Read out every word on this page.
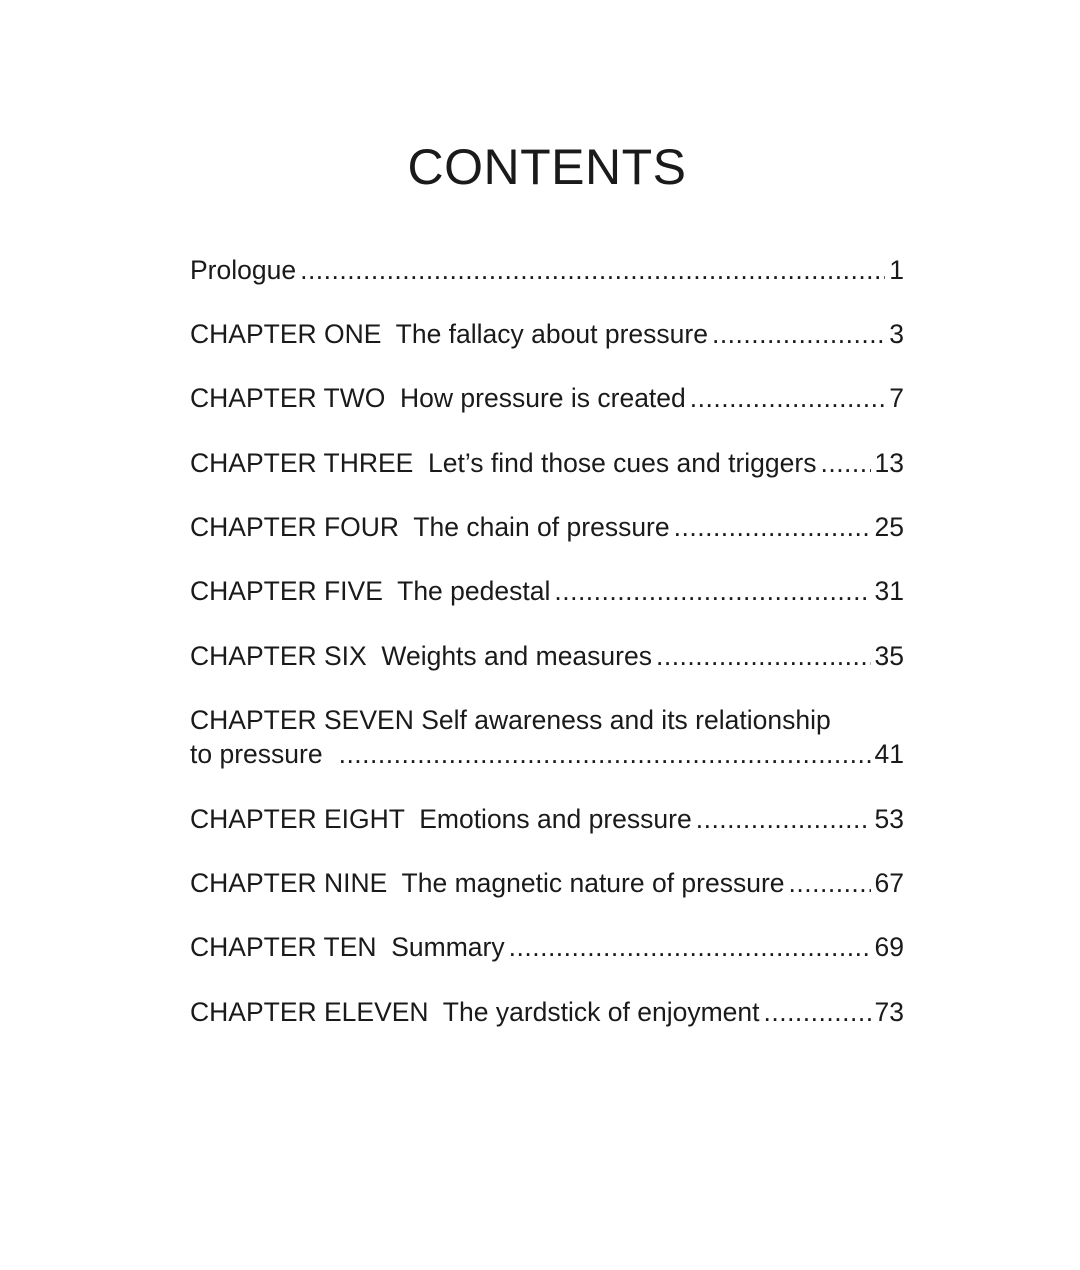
CONTENTS
Prologue .....	1
CHAPTER ONE  The fallacy about pressure .....	3
CHAPTER TWO  How pressure is created .....	7
CHAPTER THREE  Let’s find those cues and triggers ..... 13
CHAPTER FOUR  The chain of pressure .....	25
CHAPTER FIVE  The pedestal .....	31
CHAPTER SIX  Weights and measures .....	35
CHAPTER SEVEN Self awareness and its relationship
to pressure .....	41
CHAPTER EIGHT  Emotions and pressure .....	53
CHAPTER NINE  The magnetic nature of pressure .....	67
CHAPTER TEN  Summary .....	69
CHAPTER ELEVEN  The yardstick of enjoyment .....	73
